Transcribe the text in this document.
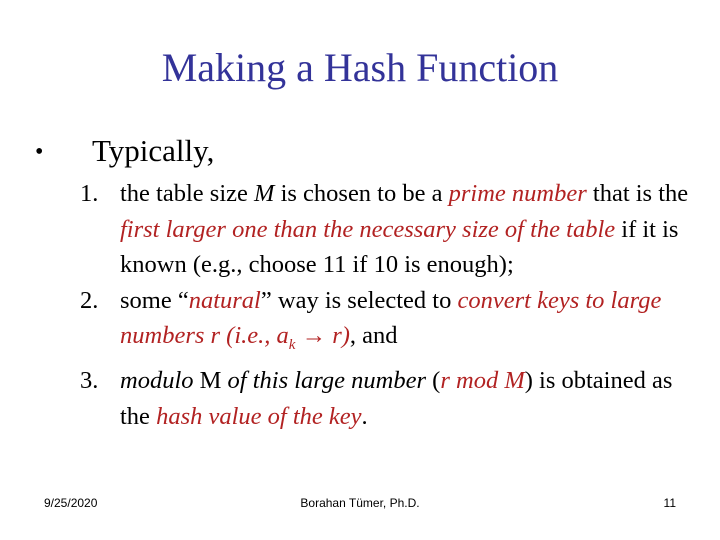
Making a Hash Function
• Typically,
1. the table size M is chosen to be a prime number that is the first larger one than the necessary size of the table if it is known (e.g., choose 11 if 10 is enough);
2. some “natural” way is selected to convert keys to large numbers r (i.e., $a_k \to r$), and
3. modulo M of this large number (r mod M) is obtained as the hash value of the key.
9/25/2020	Borahan Tümer, Ph.D.	11
